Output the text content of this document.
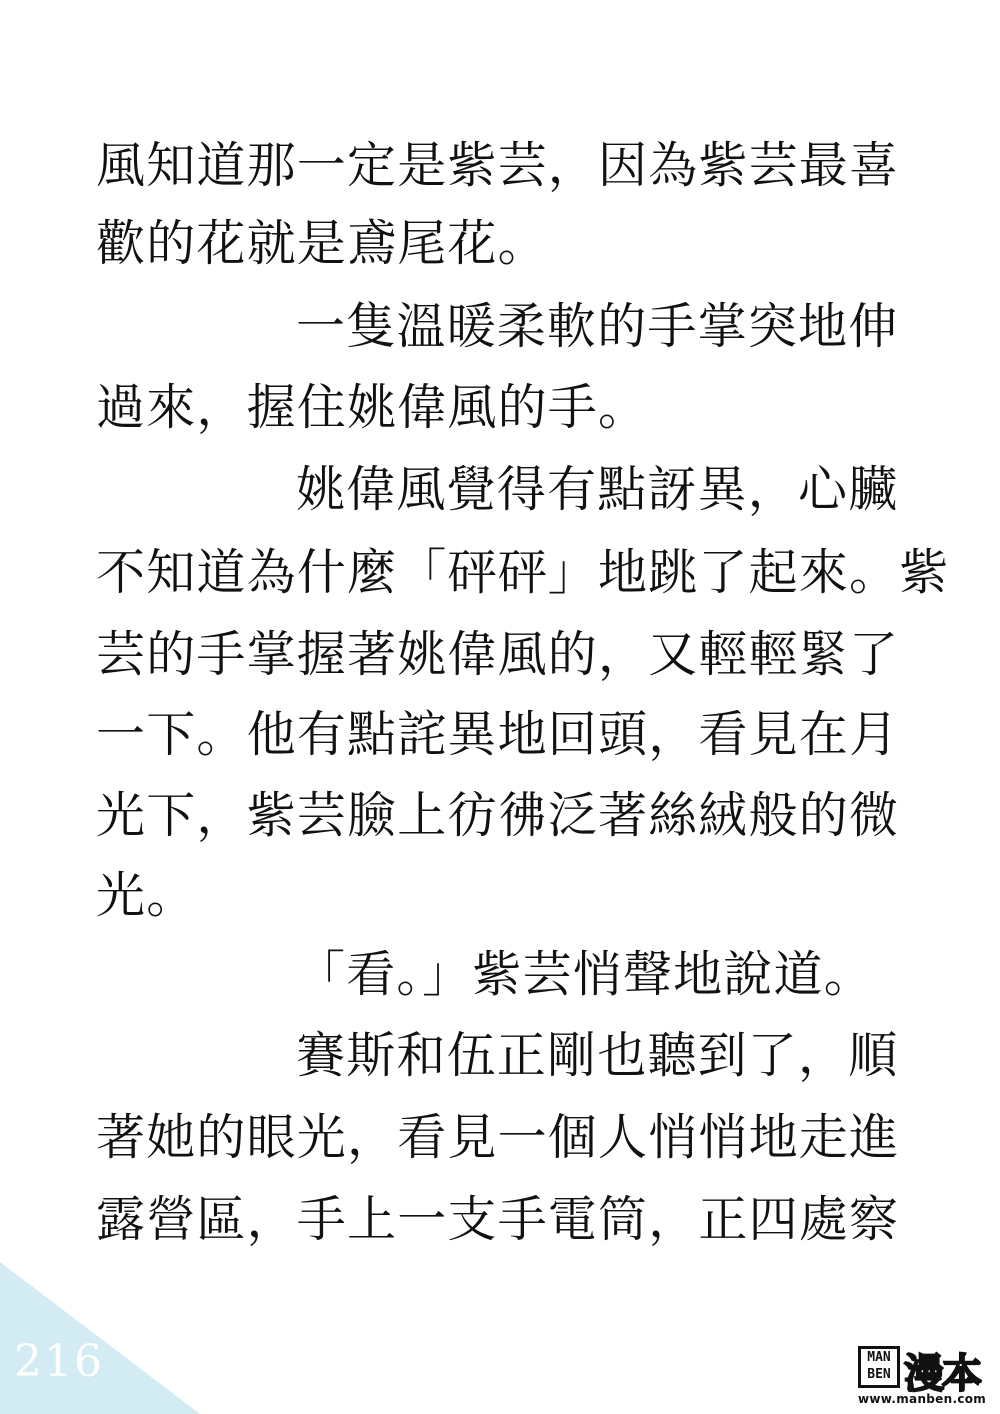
風知道那一定是紫芸，因為紫芸最喜
歡的花就是鳶尾花。
一隻溫暖柔軟的手掌突地伸
過來，握住姚偉風的手。
姚偉風覺得有點訝異，心臟
不知道為什麼「砰砰」地跳了起來。紫
芸的手掌握著姚偉風的，又輕輕緊了
一下。他有點詫異地回頭，看見在月
光下，紫芸臉上彷彿泛著絲絨般的微
光。
「看。」紫芸悄聲地說道。
賽斯和伍正剛也聽到了，順
著她的眼光，看見一個人悄悄地走進
露營區，手上一支手電筒，正四處察
216	MAN
BEN 漫本
www.manben.com
